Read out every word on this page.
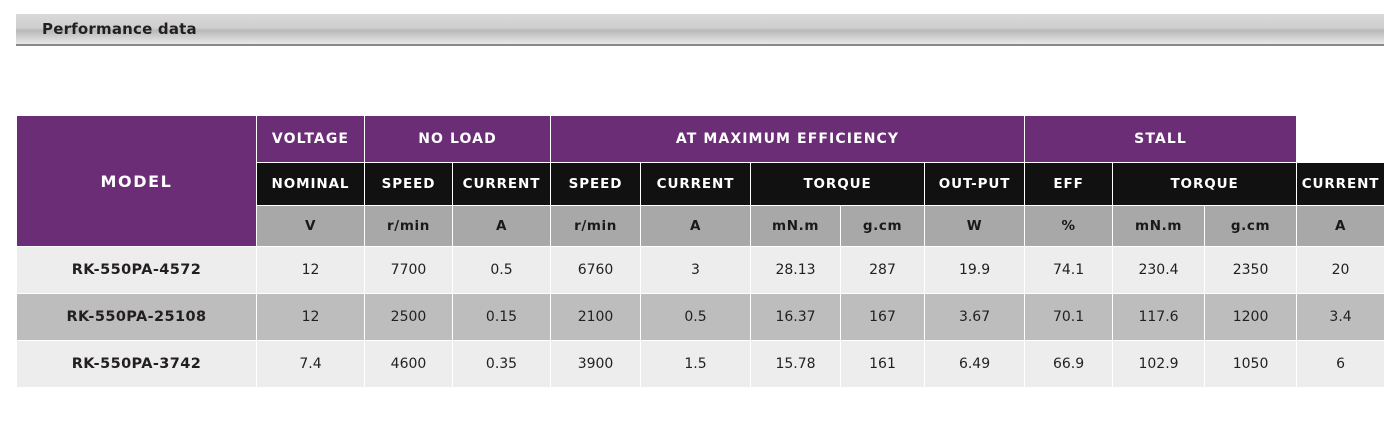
Performance data
MODEL	VOLTAGE	NO LOAD		AT MAXIMUM EFFICIENCY					STALL			
	NOMINAL	SPEED	CURRENT	SPEED	CURRENT	TORQUE		OUT-PUT	EFF	TORQUE		CURRENT
	V	r/min	A	r/min	A	mN.m	g.cm	W	%	mN.m	g.cm	A
RK-550PA-4572	12	7700	0.5	6760	3	28.13	287	19.9	74.1	230.4	2350	20
RK-550PA-25108	12	2500	0.15	2100	0.5	16.37	167	3.67	70.1	117.6	1200	3.4
RK-550PA-3742	7.4	4600	0.35	3900	1.5	15.78	161	6.49	66.9	102.9	1050	6
